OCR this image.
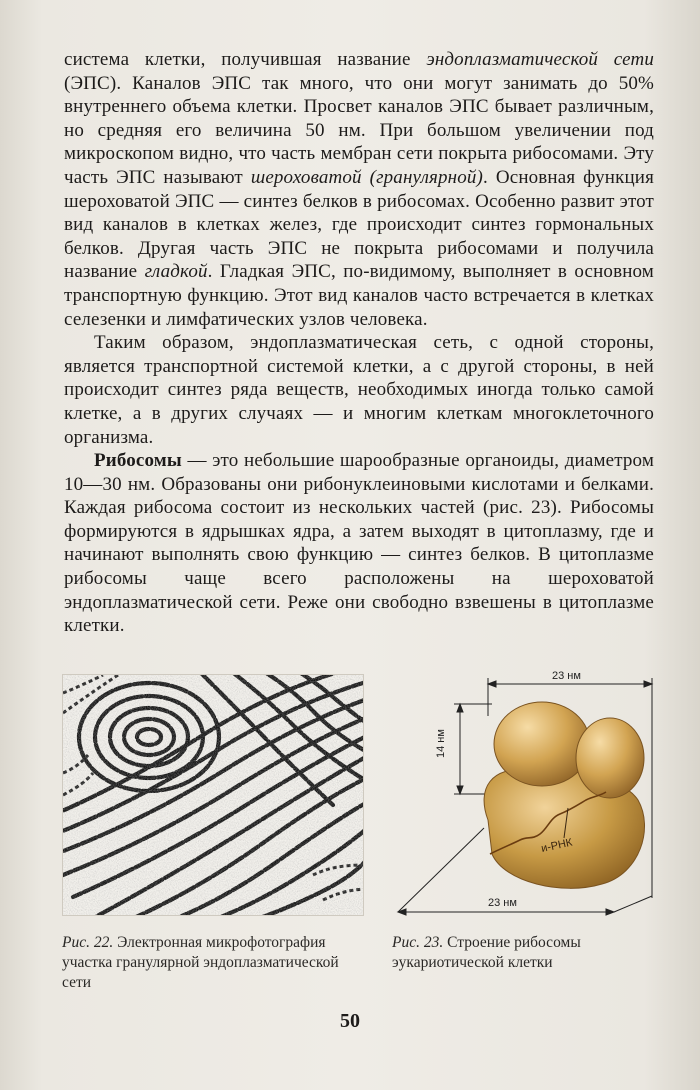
система клетки, получившая название эндоплазматической сети (ЭПС). Каналов ЭПС так много, что они могут занимать до 50% внутреннего объема клетки. Просвет каналов ЭПС бывает различным, но средняя его величина 50 нм. При большом увеличении под микроскопом видно, что часть мембран сети покрыта рибосомами. Эту часть ЭПС называют шероховатой (гранулярной). Основная функция шероховатой ЭПС — синтез белков в рибосомах. Особенно развит этот вид каналов в клетках желез, где происходит синтез гормональных белков. Другая часть ЭПС не покрыта рибосомами и получила название гладкой. Гладкая ЭПС, по-видимому, выполняет в основном транспортную функцию. Этот вид каналов часто встречается в клетках селезенки и лимфатических узлов человека.

Таким образом, эндоплазматическая сеть, с одной стороны, является транспортной системой клетки, а с другой стороны, в ней происходит синтез ряда веществ, необходимых иногда только самой клетке, а в других случаях — и многим клеткам многоклеточного организма.

Рибосомы — это небольшие шарообразные органоиды, диаметром 10—30 нм. Образованы они рибонуклеиновыми кислотами и белками. Каждая рибосома состоит из нескольких частей (рис. 23). Рибосомы формируются в ядрышках ядра, а затем выходят в цитоплазму, где и начинают выполнять свою функцию — синтез белков. В цитоплазме рибосомы чаще всего расположены на шероховатой эндоплазматической сети. Реже они свободно взвешены в цитоплазме клетки.

23 нм
14 нм
23 нм
и-РНК
Рис. 22. Электронная микрофотография участка гранулярной эндоплазматической сети
Рис. 23. Строение рибосомы эукариотической клетки
50
